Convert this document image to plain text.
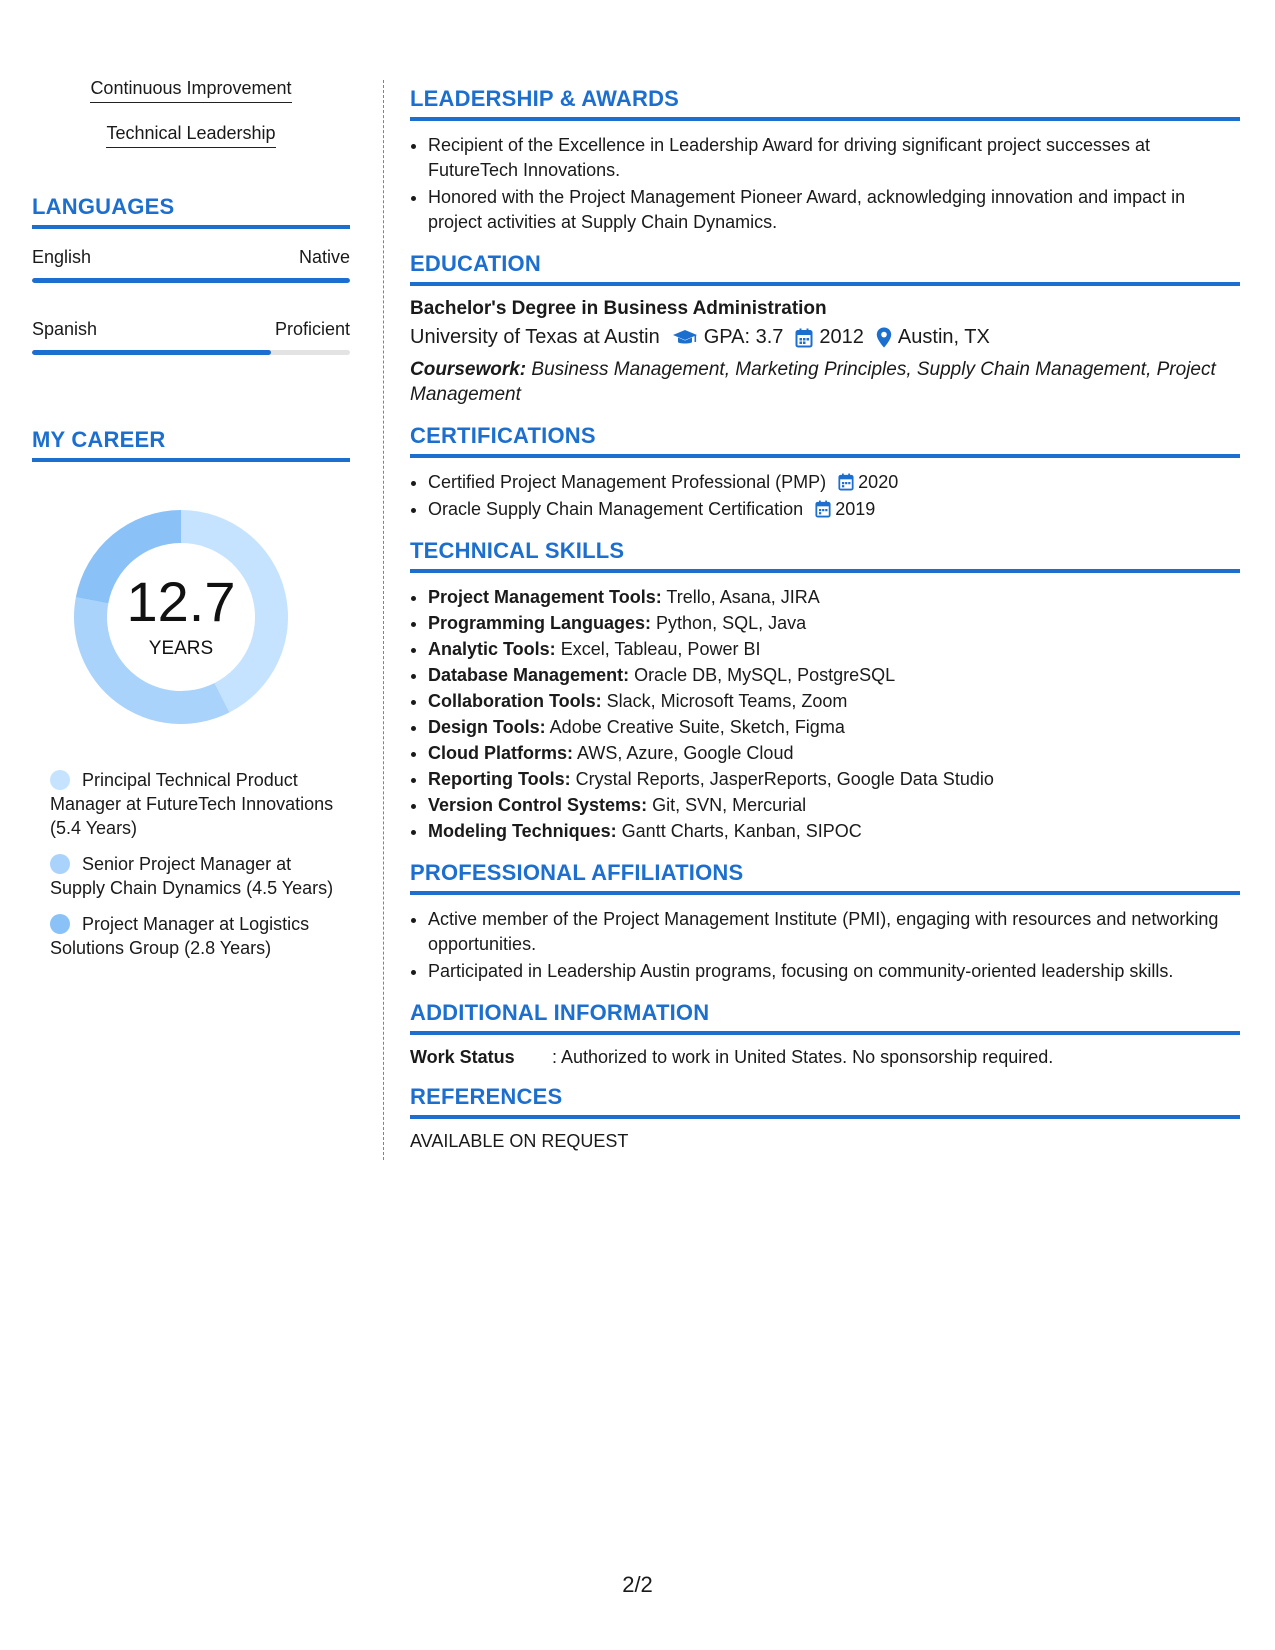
Continuous Improvement
Technical Leadership
LANGUAGES
English	Native
Spanish	Proficient
MY CAREER
12.7
YEARS
Principal Technical Product Manager at FutureTech Innovations (5.4 Years)
Senior Project Manager at Supply Chain Dynamics (4.5 Years)
Project Manager at Logistics Solutions Group (2.8 Years)
LEADERSHIP & AWARDS
• Recipient of the Excellence in Leadership Award for driving significant project successes at FutureTech Innovations.
• Honored with the Project Management Pioneer Award, acknowledging innovation and impact in project activities at Supply Chain Dynamics.
EDUCATION
Bachelor's Degree in Business Administration
University of Texas at Austin GPA: 3.7 2012 Austin, TX
Coursework: Business Management, Marketing Principles, Supply Chain Management, Project Management
CERTIFICATIONS
• Certified Project Management Professional (PMP) 2020
• Oracle Supply Chain Management Certification 2019
TECHNICAL SKILLS
• Project Management Tools: Trello, Asana, JIRA
• Programming Languages: Python, SQL, Java
• Analytic Tools: Excel, Tableau, Power BI
• Database Management: Oracle DB, MySQL, PostgreSQL
• Collaboration Tools: Slack, Microsoft Teams, Zoom
• Design Tools: Adobe Creative Suite, Sketch, Figma
• Cloud Platforms: AWS, Azure, Google Cloud
• Reporting Tools: Crystal Reports, JasperReports, Google Data Studio
• Version Control Systems: Git, SVN, Mercurial
• Modeling Techniques: Gantt Charts, Kanban, SIPOC
PROFESSIONAL AFFILIATIONS
• Active member of the Project Management Institute (PMI), engaging with resources and networking opportunities.
• Participated in Leadership Austin programs, focusing on community-oriented leadership skills.
ADDITIONAL INFORMATION
Work Status	: Authorized to work in United States. No sponsorship required.
REFERENCES
AVAILABLE ON REQUEST
2/2
